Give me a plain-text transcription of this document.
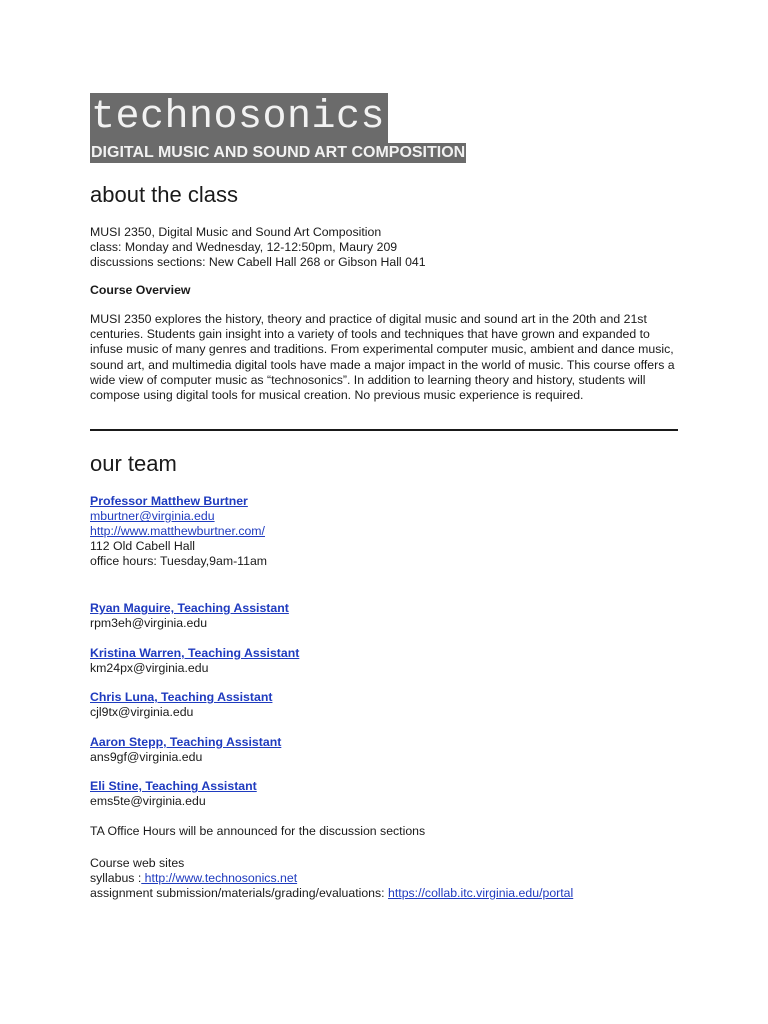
technosonics
DIGITAL MUSIC AND SOUND ART COMPOSITION
about the class
MUSI 2350, Digital Music and Sound Art Composition
class: Monday and Wednesday, 12-12:50pm, Maury 209
discussions sections: New Cabell Hall 268 or Gibson Hall 041
Course Overview
MUSI 2350 explores the history, theory and practice of digital music and sound art in the 20th and 21st centuries. Students gain insight into a variety of tools and techniques that have grown and expanded to infuse music of many genres and traditions. From experimental computer music, ambient and dance music, sound art, and multimedia digital tools have made a major impact in the world of music. This course offers a wide view of computer music as “technosonics”. In addition to learning theory and history, students will compose using digital tools for musical creation. No previous music experience is required.
our team
Professor Matthew Burtner
mburtner@virginia.edu
http://www.matthewburtner.com/
112 Old Cabell Hall
office hours: Tuesday,9am-11am
Ryan Maguire, Teaching Assistant
rpm3eh@virginia.edu
Kristina Warren, Teaching Assistant
km24px@virginia.edu
Chris Luna, Teaching Assistant
cjl9tx@virginia.edu
Aaron Stepp, Teaching Assistant
ans9gf@virginia.edu
Eli Stine, Teaching Assistant
ems5te@virginia.edu
TA Office Hours will be announced for the discussion sections
Course web sites
syllabus : http://www.technosonics.net
assignment submission/materials/grading/evaluations: https://collab.itc.virginia.edu/portal
